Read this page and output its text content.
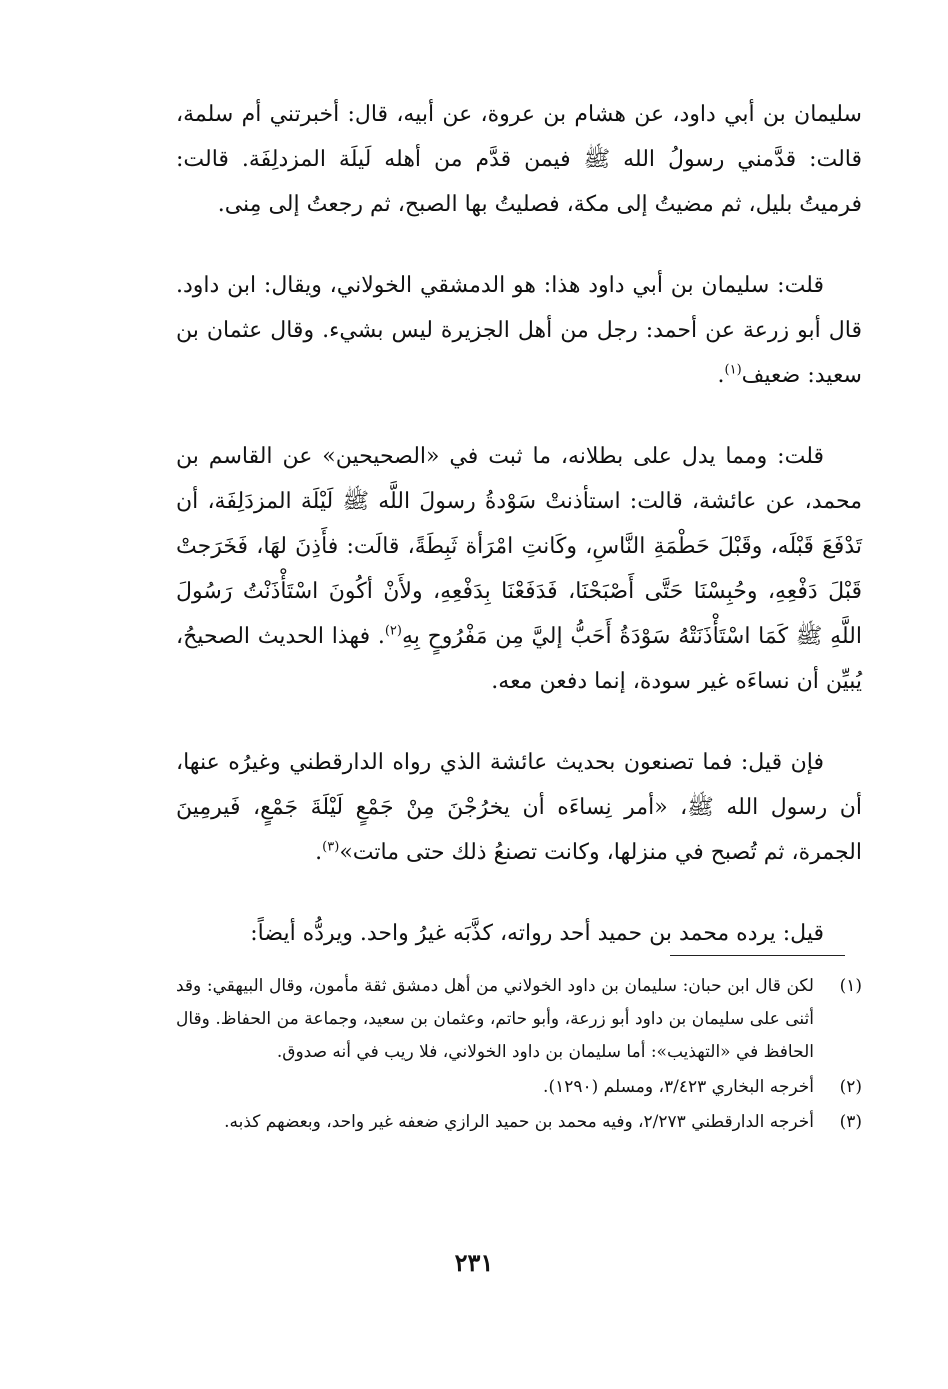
سليمان بن أبي داود، عن هشام بن عروة، عن أبيه، قال: أخبرتني أم سلمة، قالت: قدَّمني رسولُ الله ﷺ فيمن قدَّم من أهله لَيلَة المزدلِفَة. قالت: فرميتُ بليل، ثم مضيتُ إلى مكة، فصليتُ بها الصبح، ثم رجعتُ إلى مِنى.

قلت: سليمان بن أبي داود هذا: هو الدمشقي الخولاني، ويقال: ابن داود. قال أبو زرعة عن أحمد: رجل من أهل الجزيرة ليس بشيء. وقال عثمان بن سعيد: ضعيف$^{(١)}$.

قلت: ومما يدل على بطلانه، ما ثبت في «الصحيحين» عن القاسم بن محمد، عن عائشة، قالت: استأذنتْ سَوْدةُ رسولَ اللَّه ﷺ لَيْلَة المزدَلِفَة، أن تَدْفَعَ قَبْلَه، وقَبْلَ حَطْمَةِ النَّاسِ، وكَانتِ امْرَأة ثَبِطَةً، قالَت: فأَذِنَ لهَا، فَخَرَجتْ قَبْلَ دَفْعِهِ، وحُبِسْنَا حَتَّى أَصْبَحْنَا، فَدَفَعْنَا بِدَفْعِهِ، ولأَنْ أكُونَ اسْتَأْذَنْتُ رَسُولَ اللَّهِ ﷺ كَمَا اسْتَأْذَنَتْهُ سَوْدَةُ أَحَبُّ إليَّ مِن مَفْرُوحٍ بِهِ$^{(٢)}$. فهذا الحديث الصحيحُ، يُبيِّن أن نساءَه غير سودة، إنما دفعن معه.

فإن قيل: فما تصنعون بحديث عائشة الذي رواه الدارقطني وغيرُه عنها، أن رسول الله ﷺ، «أمر نِساءَه أن يخرُجْنَ مِنْ جَمْعٍ لَيْلَةَ جَمْعٍ، فَيرمِينَ الجمرة، ثم تُصبح في منزلها، وكانت تصنعُ ذلك حتى ماتت»$^{(٣)}$.

قيل: يرده محمد بن حميد أحد رواته، كذَّبَه غيرُ واحد. ويردُّه أيضاً:

(١)
لكن قال ابن حبان: سليمان بن داود الخولاني من أهل دمشق ثقة مأمون، وقال البيهقي: وقد أثنى على سليمان بن داود أبو زرعة، وأبو حاتم، وعثمان بن سعيد، وجماعة من الحفاظ. وقال الحافظ في «التهذيب»: أما سليمان بن داود الخولاني، فلا ريب في أنه صدوق.
(٢)
أخرجه البخاري ٣/٤٢٣، ومسلم (١٢٩٠).
(٣)
أخرجه الدارقطني ٢/٢٧٣، وفيه محمد بن حميد الرازي ضعفه غير واحد، وبعضهم كذبه.
٢٣١
